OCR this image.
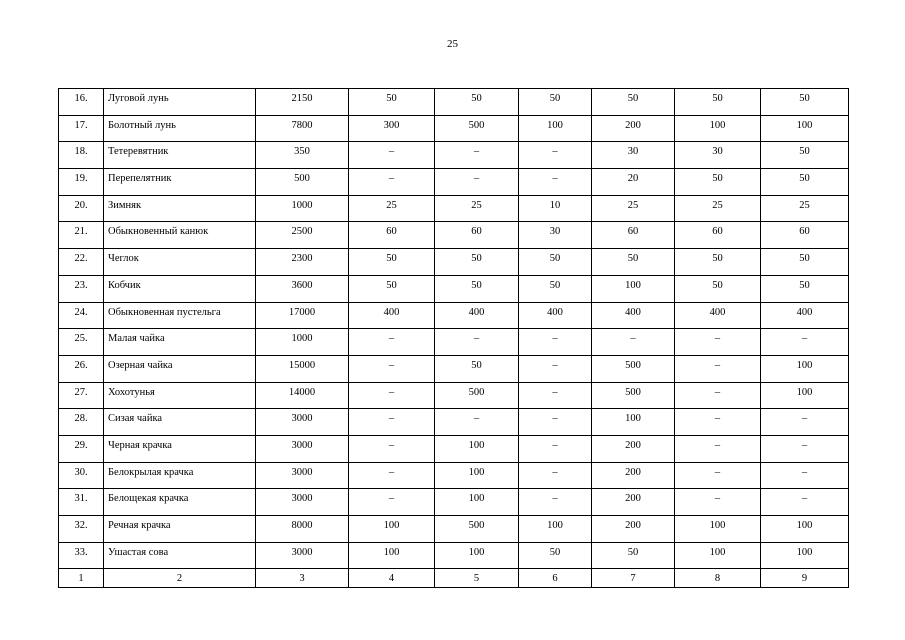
25
16.	Луговой лунь	2150	50	50	50	50	50	50
17.	Болотный лунь	7800	300	500	100	200	100	100
18.	Тетеревятник	350	–	–	–	30	30	50
19.	Перепелятник	500	–	–	–	20	50	50
20.	Зимняк	1000	25	25	10	25	25	25
21.	Обыкновенный канюк	2500	60	60	30	60	60	60
22.	Чеглок	2300	50	50	50	50	50	50
23.	Кобчик	3600	50	50	50	100	50	50
24.	Обыкновенная пустельга	17000	400	400	400	400	400	400
25.	Малая чайка	1000	–	–	–	–	–	–
26.	Озерная чайка	15000	–	50	–	500	–	100
27.	Хохотунья	14000	–	500	–	500	–	100
28.	Сизая чайка	3000	–	–	–	100	–	–
29.	Черная крачка	3000	–	100	–	200	–	–
30.	Белокрылая крачка	3000	–	100	–	200	–	–
31.	Белощекая крачка	3000	–	100	–	200	–	–
32.	Речная крачка	8000	100	500	100	200	100	100
33.	Ушастая сова	3000	100	100	50	50	100	100
1	2	3	4	5	6	7	8	9
